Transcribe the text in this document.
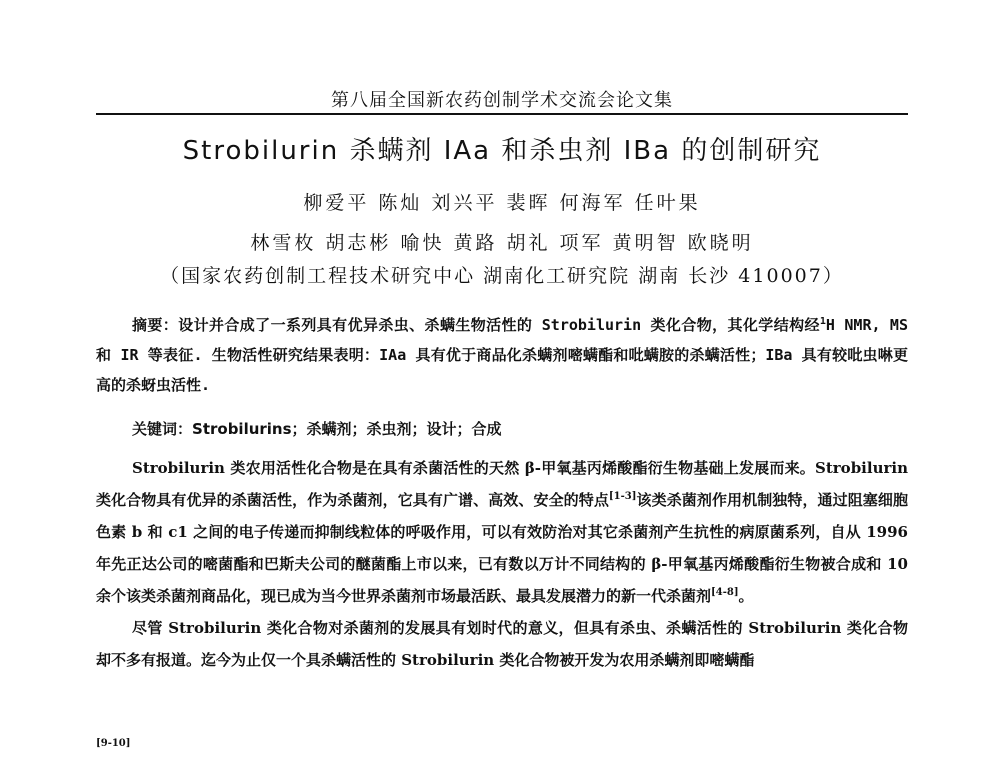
第八届全国新农药创制学术交流会论文集
Strobilurin 杀螨剂 IAa 和杀虫剂 IBa 的创制研究
柳爱平 陈灿 刘兴平 裴晖 何海军 任叶果
林雪枚 胡志彬 喻快 黄路 胡礼 项军 黄明智 欧晓明
（国家农药创制工程技术研究中心 湖南化工研究院 湖南 长沙 410007）
摘要：设计并合成了一系列具有优异杀虫、杀螨生物活性的 Strobilurin 类化合物，其化学结构经$^1$H NMR, MS 和 IR 等表征. 生物活性研究结果表明：IAa 具有优于商品化杀螨剂嘧螨酯和吡螨胺的杀螨活性；IBa 具有较吡虫啉更高的杀蚜虫活性.
关键词：Strobilurins；杀螨剂；杀虫剂；设计；合成

Strobilurin 类农用活性化合物是在具有杀菌活性的天然 β-甲氧基丙烯酸酯衍生物基础上发展而来。Strobilurin 类化合物具有优异的杀菌活性，作为杀菌剂，它具有广谱、高效、安全的特点[1-3]该类杀菌剂作用机制独特，通过阻塞细胞色素 b 和 c1 之间的电子传递而抑制线粒体的呼吸作用，可以有效防治对其它杀菌剂产生抗性的病原菌系列，自从 1996 年先正达公司的嘧菌酯和巴斯夫公司的醚菌酯上市以来，已有数以万计不同结构的 β-甲氧基丙烯酸酯衍生物被合成和 10 余个该类杀菌剂商品化，现已成为当今世界杀菌剂市场最活跃、最具发展潜力的新一代杀菌剂[4-8]。

尽管 Strobilurin 类化合物对杀菌剂的发展具有划时代的意义，但具有杀虫、杀螨活性的 Strobilurin 类化合物却不多有报道。迄今为止仅一个具杀螨活性的 Strobilurin 类化合物被开发为农用杀螨剂即嘧螨酯

[9-10]
